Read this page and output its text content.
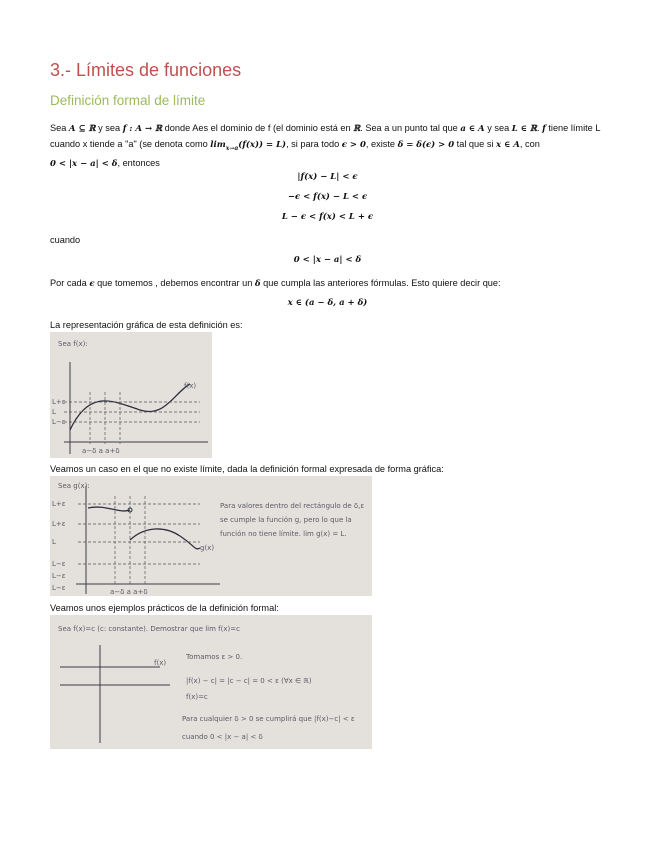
3.- Límites de funciones
Definición formal de límite

Sea A ⊆ ℝ y sea f : A → ℝ donde Aes el dominio de f (el dominio está en ℝ. Sea a un punto tal que a ∈ A y sea L ∈ ℝ. f tiene límite L cuando x tiende a "a" (se denota como $\lim_{x\to a}(f(x)) = L$), si para todo ϵ > 0, existe δ = δ(ϵ) > 0 tal que si x ∈ A, con
0 < |x − a| < δ, entonces

|f(x) − L| < ϵ
−ϵ < f(x) − L < ϵ
L − ϵ < f(x) < L + ϵ

cuando

0 < |x − a| < δ

Por cada ϵ que tomemos , debemos encontrar un δ que cumpla las anteriores fórmulas. Esto quiere decir que:

x ∈ (a − δ, a + δ)

La representación gráfica de esta definición es:

Sea f(x):
f(x)
a−δ a a+δ
L+ε
L
L−ε

Veamos un caso en el que no existe límite, dada la definición formal expresada de forma gráfica:

Sea g(x):
g(x)
a−δ a a+δ
L+ε
L+ε
L
L−ε
L−ε
L−ε
Para valores dentro del rectángulo de δ,ε
se cumple la función g, pero lo que la
función no tiene límite. lim g(x) = L.

Veamos unos ejemplos prácticos de la definición formal:

Sea f(x)=c (c: constante). Demostrar que lim f(x)=c
f(x)
Tomamos ε > 0.
|f(x) − c| = |c − c| = 0 < ε (∀x ∈ ℝ)
f(x)=c
Para cualquier δ > 0 se cumplirá que |f(x)−c| < ε
cuando 0 < |x − a| < δ
